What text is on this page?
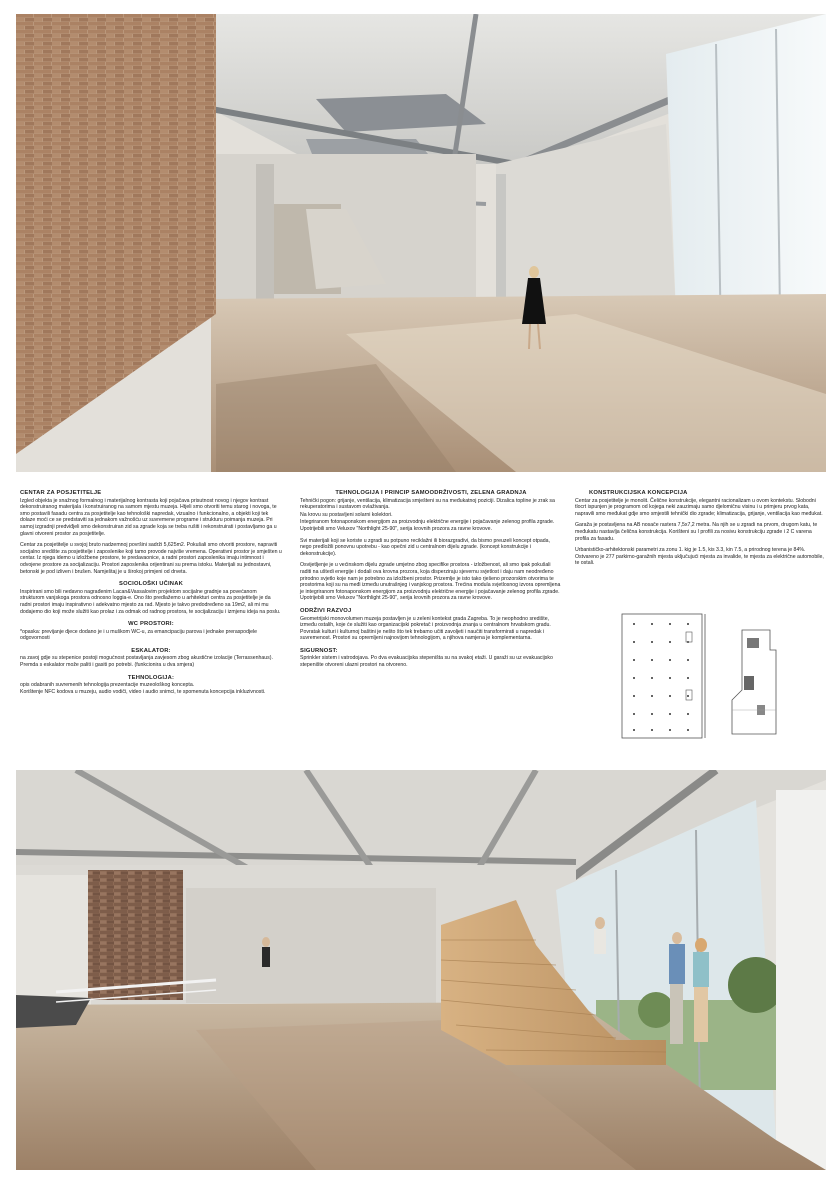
CENTAR ZA POSJETITELJE

Izgled objekta je snažnog formalnog i materijalnog kontrasta koji pojačava prisutnost novog i njegov kontrast dekonstruiranog materijala i konstruiranog na samom mjestu muzeja. Htjeli smo otvoriti temu starog i novoga, te smo postavili fasadu centra za posjetitelje kao tehnološki napredak, vizualno i funkcionalno, a objekti koji tek dolaze moći ce se predstaviti sa jednakom važnošću uz suvremene programe i strukturu poimanja muzeja. Pri samoj izgradnji predviđjeli smo dekonstruiran zid sa zgrade koja se treba rušiti i rekonstruirati i postavljamo ga u glavni otvoreni prostor za posjetitelje.

Centar za posjetitelje u svojoj bruto nadzemnoj površini sadrži 5,625m2. Pokušali smo otvoriti prostore, napraviti socijalno središte za posjetitelje i zaposlenike koji tamo provode najviše vremena. Operativni prostor je smješten u centar. Iz njega idemo u izložbene prostore, te predavaonice, a radni prostori zaposlenika imaju intimnost i odvojene prostore za socijalizaciju. Prostori zaposlenika orijentirani su prema istoku. Materijali su jednostavni, betonski je pod izliven i brušen. Namještaj je u širokoj primjeni od drveta.

SOCIOLOŠKI UČINAK

Inspirirani smo bili nedavno nagrađenim Lacan&Vassalovim projektom socijalne gradnje sa povećanom strukturom vanjskoga prostora odnosno loggia-e. Ono što predlažemo u arhitekturi centra za posjetitelje je da radni prostori imaju inspirativno i adekvatno mjesto za rad. Mjesto je takvo predodređeno sa 19m2, ali mi mu dodajemo dio koji može služiti kao prolaz i za odmak od radnog prostora, te socijalizaciju i izmjenu ideja na poslu.

WC PROSTORI:

*opaska: previjanje djece dodano je i u muškom WC-u, za emancipaciju parova i jednake preraspodjele odgovornosti

ESKALATOR:

na zavoj gdje su stepenice postoji mogućnost postavljanja zavjesom zbog akustične izolacije (Terrassenhaus). Premda s eskalator može paliti i gasiti po potrebi. (funkcionira u dva smjera)

TEHNOLOGIJA:

opis odabranih suvremenih tehnologija prezentacije muzeološkog koncepta.

Korištenje NFC kodova u muzeju, audio vodiči, video i audio snimci, te spomenuta koncepcija inkluzivnosti.

TEHNOLOGIJA I PRINCIP SAMOODRŽIVOSTI, ZELENA GRADNJA

Tehnički pogon: grijanje, ventilacija, klimatizacija smješteni su na međukatnoj poziciji. Dizalica topline je zrak sa rekuperatorima i sustavom ovlaživanja.

Na krovu su postavljeni solarni kolektori.

Integriranom fotonaponskom energijom za proizvodnju električne energije i pojačavanje zelenog profila zgrade. Upotrijebili smo Veluxov "Northlight 25-90", serija krovnih prozora za ravne krovove.

Svi materijali koji se koriste u zgradi su potpuno reciklažni ili biorazgradivi, da bismo preuzeli koncept otpada, nego predložili ponovnu upotrebu - kao opečni zid u centralnom dijelu zgrade. (koncept konstrukcije i dekonstrukcije).

Osvijetljenje je u većinskom dijelu zgrade umjetno zbog specifike prostora - izložbenost, ali smo ipak pokušali raditi na uštedi energije i dodali ova krovna prozora, koja disperziraju sjevernu svjetlost i daju nam neodređeno prirodno svjetlo koje nam je potrebno za izložbeni prostor. Prizemlje je isto tako rješeno prozorskim otvorima te prostorima koji su na međi između unutrašnjeg i vanjskog prostora. Trećina modula svjetlosnog izvora opremljena je integriranom fotonaponskom energijom za proizvodnju električne energije i pojačavanje zelenog profila zgrade. Upotrijebili smo Veluxov "Northlight 25-90", serija krovnih prozora za ravne krovove.

ODRŽIVI RAZVOJ

Geometrijski monovolumen muzeja postavljen je u zeleni kontekst grada Zagreba. To je neophodno središte, između ostalih, koje će služiti kao organizacijski pokretač i proizvodnja znanja u centralnom hrvatskom gradu. Povratak kulturi i kulturnoj baštini je nešto što tek trebamo učiti zavoljeti i naučiti transformirati u napredak i suvremenost. Prostori su opremljeni najnovijom tehnologijom, a njihova namjena je komplementarna.

SIGURNOST:

Sprinkler sistem i vatrodojava. Po dva evakuacijska stepeništa su na svakoj etaži. U garaži su uz evakuacijsko stepenište otvoreni ulazni prostori na otvoreno.

KONSTRUKCIJSKA KONCEPCIJA

Centar za posjetitelje je monolit. Čelične konstrukcije, elegantni racionalizam u ovom kontekstu. Slobodni tlocrt ispunjen je programom od kojega neki zauzimaju samo djelomičnu visinu i u primjeru prvog kata, napravili smo međukat gdje smo smjestili tehnički dio zgrade; klimatizacija, grijanje, ventilacija kao međukat.

Garaža je postavljena na AB nosače rastera 7,5x7,2 metra. Na njih se u zgradi na prvom, drugom katu, te međukatu nastavlja čelična konstrukcija. Korišteni su I profili za nosivu konstrukciju zgrade i 2 C varena profila za fasadu.

Urbanističko-arhitektonski parametri za zonu 1. kig je 1.5, kis 3.3, kin 7.5, a prirodnog terena je 84%. Ostvareno je 277 parkirno-garažnih mjesta uključujući mjesta za invalide, te mjesta za električne automobile, te ostali.
